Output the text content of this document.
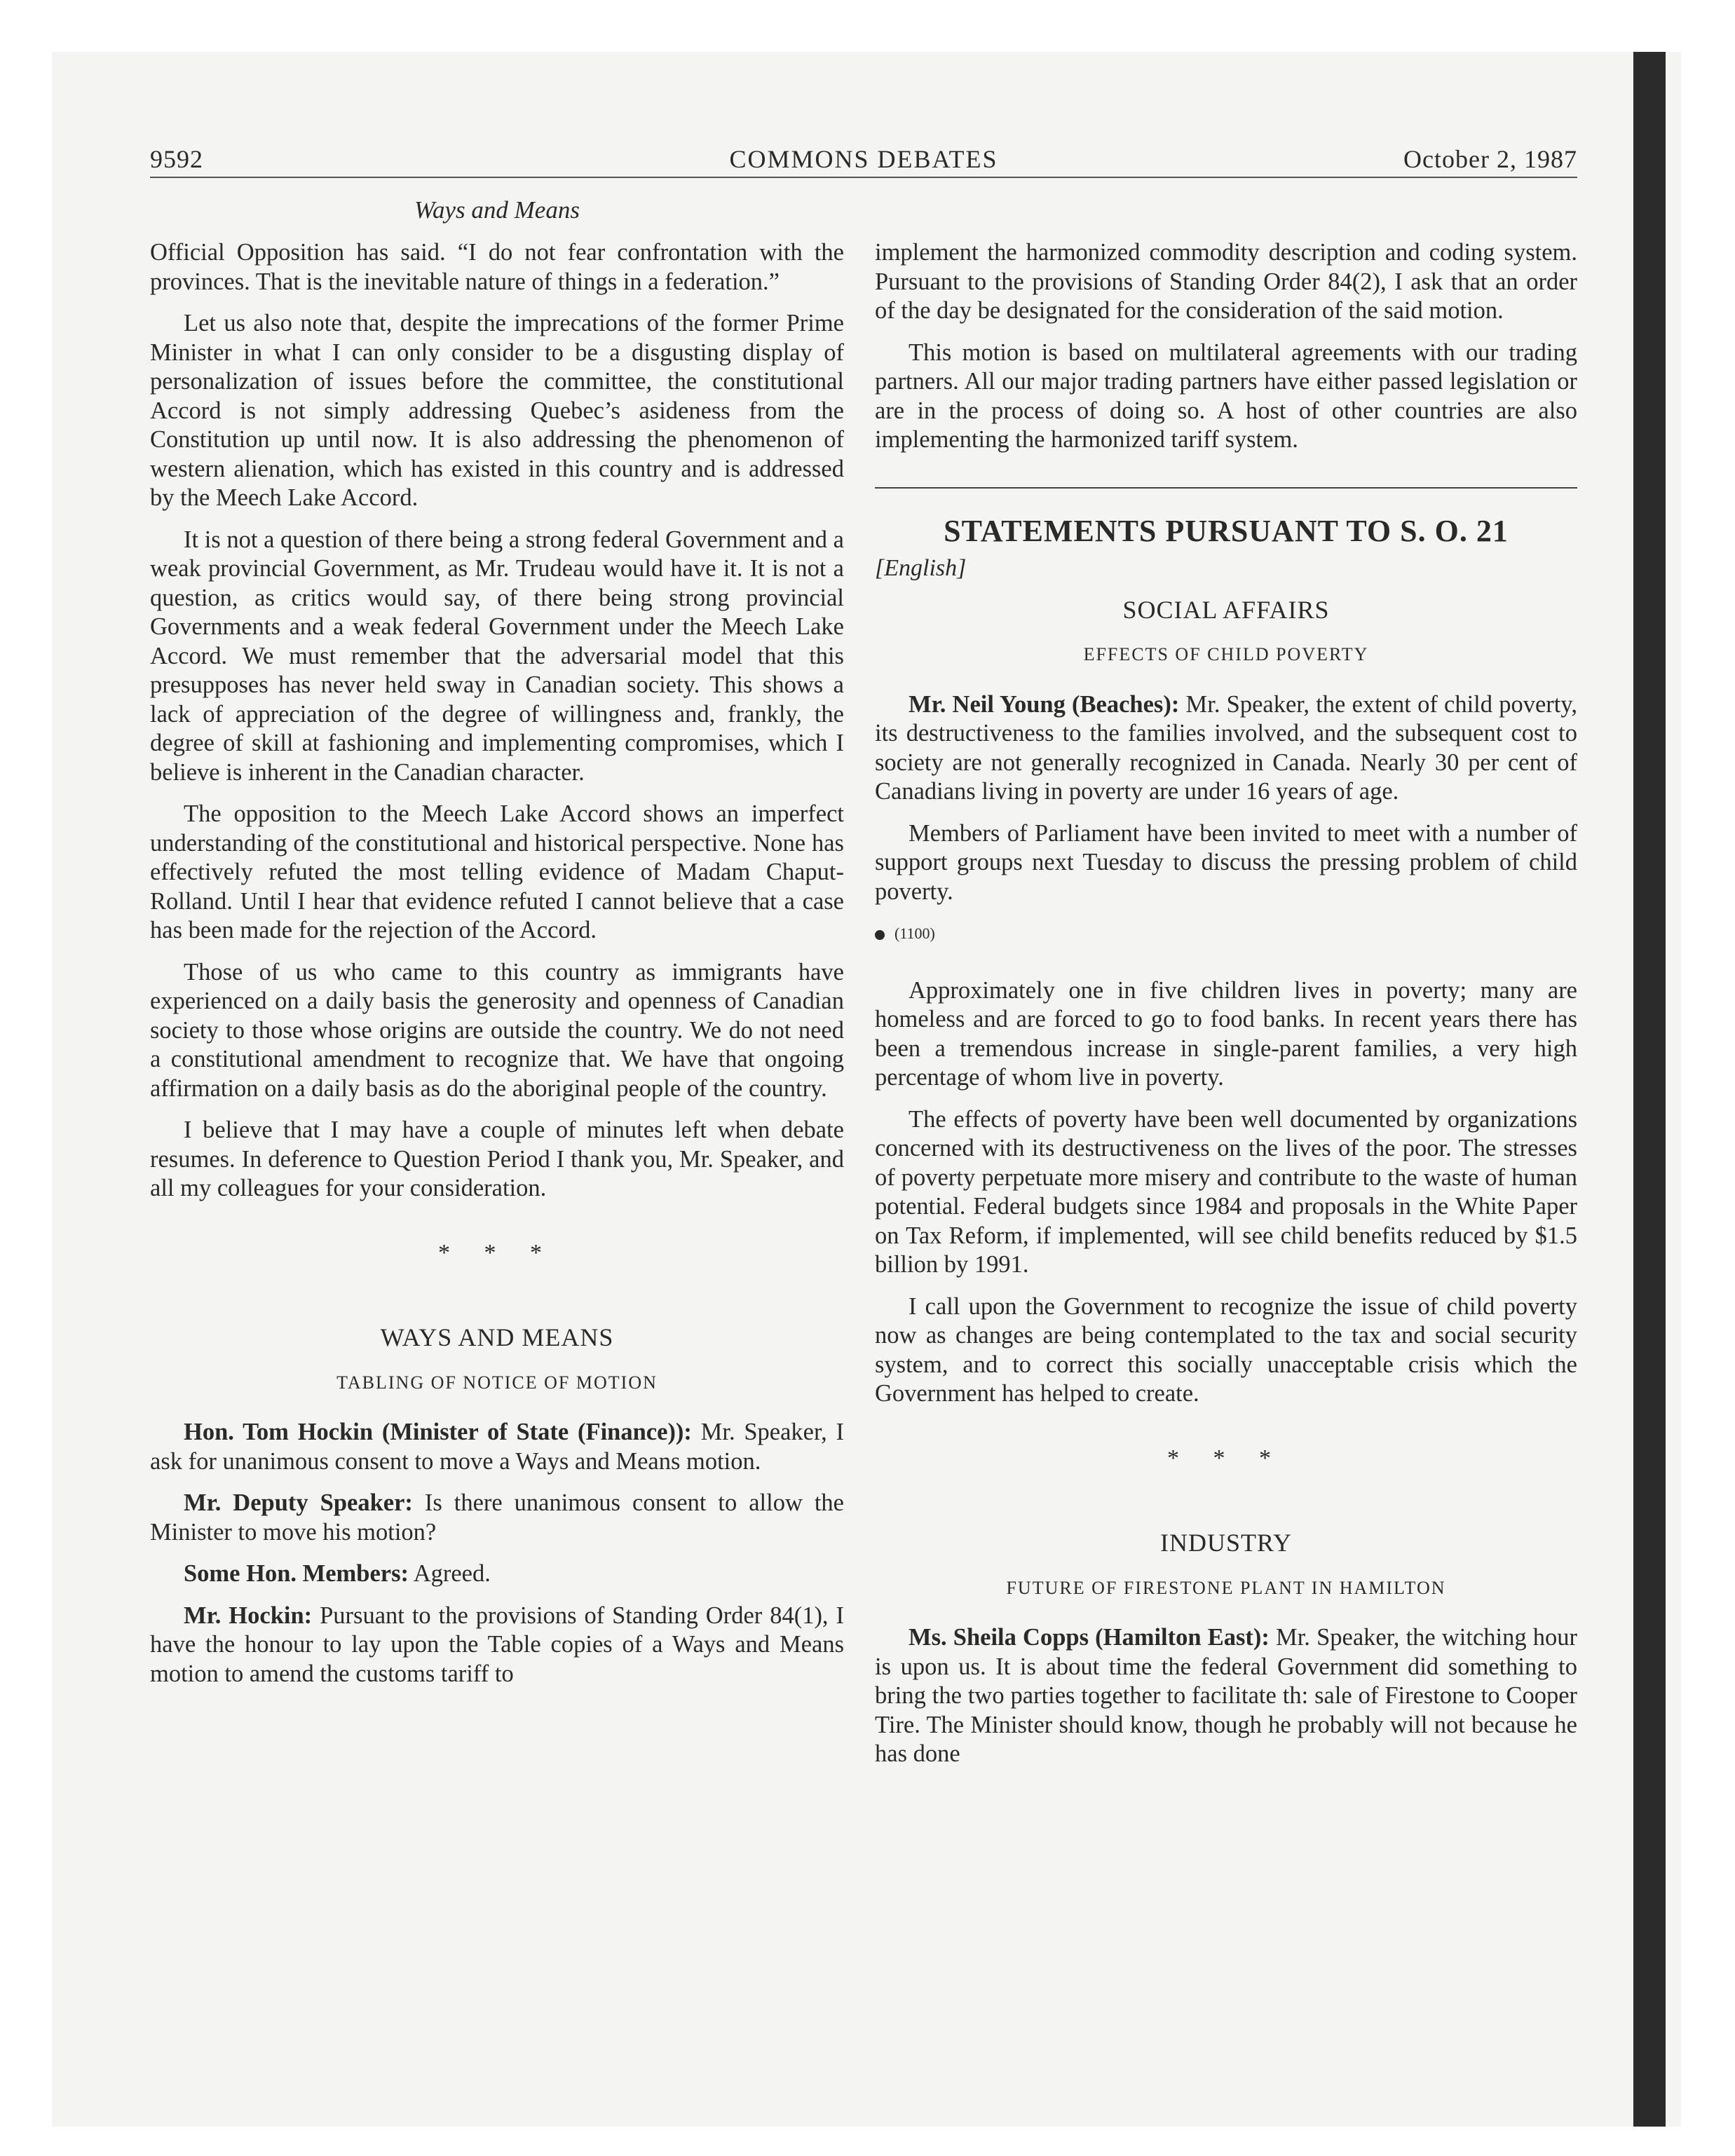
9592	COMMONS DEBATES	October 2, 1987
Ways and Means

Official Opposition has said. “I do not fear confrontation with the provinces. That is the inevitable nature of things in a federation.”

Let us also note that, despite the imprecations of the former Prime Minister in what I can only consider to be a disgusting display of personalization of issues before the committee, the constitutional Accord is not simply addressing Quebec’s asideness from the Constitution up until now. It is also addressing the phenomenon of western alienation, which has existed in this country and is addressed by the Meech Lake Accord.

It is not a question of there being a strong federal Government and a weak provincial Government, as Mr. Trudeau would have it. It is not a question, as critics would say, of there being strong provincial Governments and a weak federal Government under the Meech Lake Accord. We must remember that the adversarial model that this presupposes has never held sway in Canadian society. This shows a lack of appreciation of the degree of willingness and, frankly, the degree of skill at fashioning and implementing compromises, which I believe is inherent in the Canadian character.

The opposition to the Meech Lake Accord shows an imperfect understanding of the constitutional and historical perspective. None has effectively refuted the most telling evidence of Madam Chaput-Rolland. Until I hear that evidence refuted I cannot believe that a case has been made for the rejection of the Accord.

Those of us who came to this country as immigrants have experienced on a daily basis the generosity and openness of Canadian society to those whose origins are outside the country. We do not need a constitutional amendment to recognize that. We have that ongoing affirmation on a daily basis as do the aboriginal people of the country.

I believe that I may have a couple of minutes left when debate resumes. In deference to Question Period I thank you, Mr. Speaker, and all my colleagues for your consideration.

* * *
WAYS AND MEANS
TABLING OF NOTICE OF MOTION

Hon. Tom Hockin (Minister of State (Finance)): Mr. Speaker, I ask for unanimous consent to move a Ways and Means motion.

Mr. Deputy Speaker: Is there unanimous consent to allow the Minister to move his motion?

Some Hon. Members: Agreed.

Mr. Hockin: Pursuant to the provisions of Standing Order 84(1), I have the honour to lay upon the Table copies of a Ways and Means motion to amend the customs tariff to

implement the harmonized commodity description and coding system. Pursuant to the provisions of Standing Order 84(2), I ask that an order of the day be designated for the consideration of the said motion.

This motion is based on multilateral agreements with our trading partners. All our major trading partners have either passed legislation or are in the process of doing so. A host of other countries are also implementing the harmonized tariff system.

STATEMENTS PURSUANT TO S. O. 21
[English]
SOCIAL AFFAIRS
EFFECTS OF CHILD POVERTY

Mr. Neil Young (Beaches): Mr. Speaker, the extent of child poverty, its destructiveness to the families involved, and the subsequent cost to society are not generally recognized in Canada. Nearly 30 per cent of Canadians living in poverty are under 16 years of age.

Members of Parliament have been invited to meet with a number of support groups next Tuesday to discuss the pressing problem of child poverty.

(1100)

Approximately one in five children lives in poverty; many are homeless and are forced to go to food banks. In recent years there has been a tremendous increase in single-parent families, a very high percentage of whom live in poverty.

The effects of poverty have been well documented by organizations concerned with its destructiveness on the lives of the poor. The stresses of poverty perpetuate more misery and contribute to the waste of human potential. Federal budgets since 1984 and proposals in the White Paper on Tax Reform, if implemented, will see child benefits reduced by $1.5 billion by 1991.

I call upon the Government to recognize the issue of child poverty now as changes are being contemplated to the tax and social security system, and to correct this socially unacceptable crisis which the Government has helped to create.

* * *
INDUSTRY
FUTURE OF FIRESTONE PLANT IN HAMILTON

Ms. Sheila Copps (Hamilton East): Mr. Speaker, the witching hour is upon us. It is about time the federal Government did something to bring the two parties together to facilitate th: sale of Firestone to Cooper Tire. The Minister should know, though he probably will not because he has done
